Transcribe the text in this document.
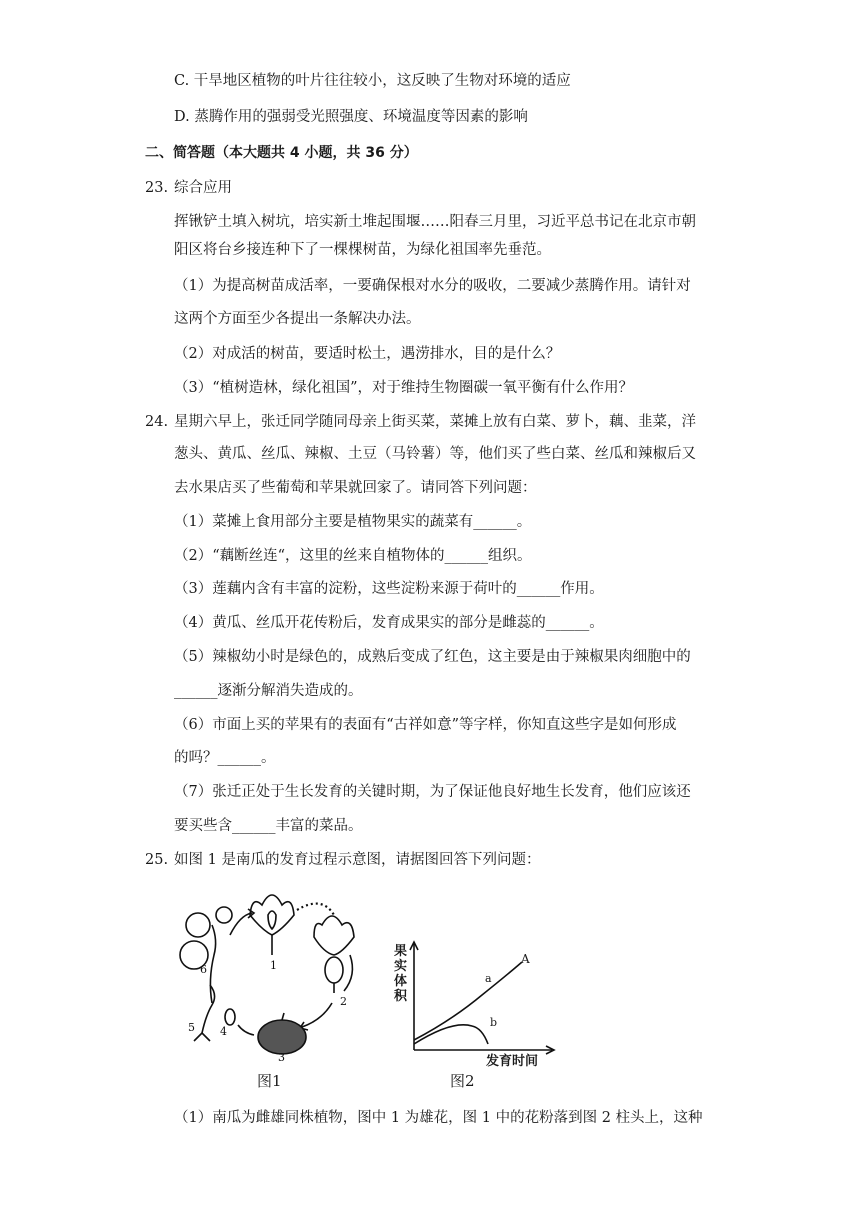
C. 干旱地区植物的叶片往往较小，这反映了生物对环境的适应
D. 蒸腾作用的强弱受光照强度、环境温度等因素的影响
二、简答题（本大题共 4 小题，共 36 分）
23. 综合应用
挥锹铲土填入树坑，培实新土堆起围堰……阳春三月里，习近平总书记在北京市朝
阳区将台乡接连种下了一棵棵树苗，为绿化祖国率先垂范。
（1）为提高树苗成活率，一要确保根对水分的吸收，二要减少蒸腾作用。请针对
这两个方面至少各提出一条解决办法。
（2）对成活的树苗，要适时松土，遇涝排水，目的是什么？
（3）“植树造林，绿化祖国”，对于维持生物圈碳一氧平衡有什么作用？
24. 星期六早上，张迁同学随同母亲上街买菜，菜摊上放有白菜、萝卜，藕、韭菜，洋
葱头、黄瓜、丝瓜、辣椒、土豆（马铃薯）等，他们买了些白菜、丝瓜和辣椒后又
去水果店买了些葡萄和苹果就回家了。请同答下列问题：
（1）菜摊上食用部分主要是植物果实的蔬菜有______。
（2）“藕断丝连“，这里的丝来自植物体的______组织。
（3）莲藕内含有丰富的淀粉，这些淀粉来源于荷叶的______作用。
（4）黄瓜、丝瓜开花传粉后，发育成果实的部分是雌蕊的______。
（5）辣椒幼小时是绿色的，成熟后变成了红色，这主要是由于辣椒果肉细胞中的
______逐渐分解消失造成的。
（6）市面上买的苹果有的表面有“古祥如意”等字样，你知直这些字是如何形成
的吗？______。
（7）张迁正处于生长发育的关键时期，为了保证他良好地生长发育，他们应该还
要买些含______丰富的菜品。
25. 如图 1 是南瓜的发育过程示意图，请据图回答下列问题：
1
2
3
4
5
6
图1
果实体积
发育时间
a
b
A
图2
（1）南瓜为雌雄同株植物，图中 1 为雄花，图 1 中的花粉落到图 2 柱头上，这种
